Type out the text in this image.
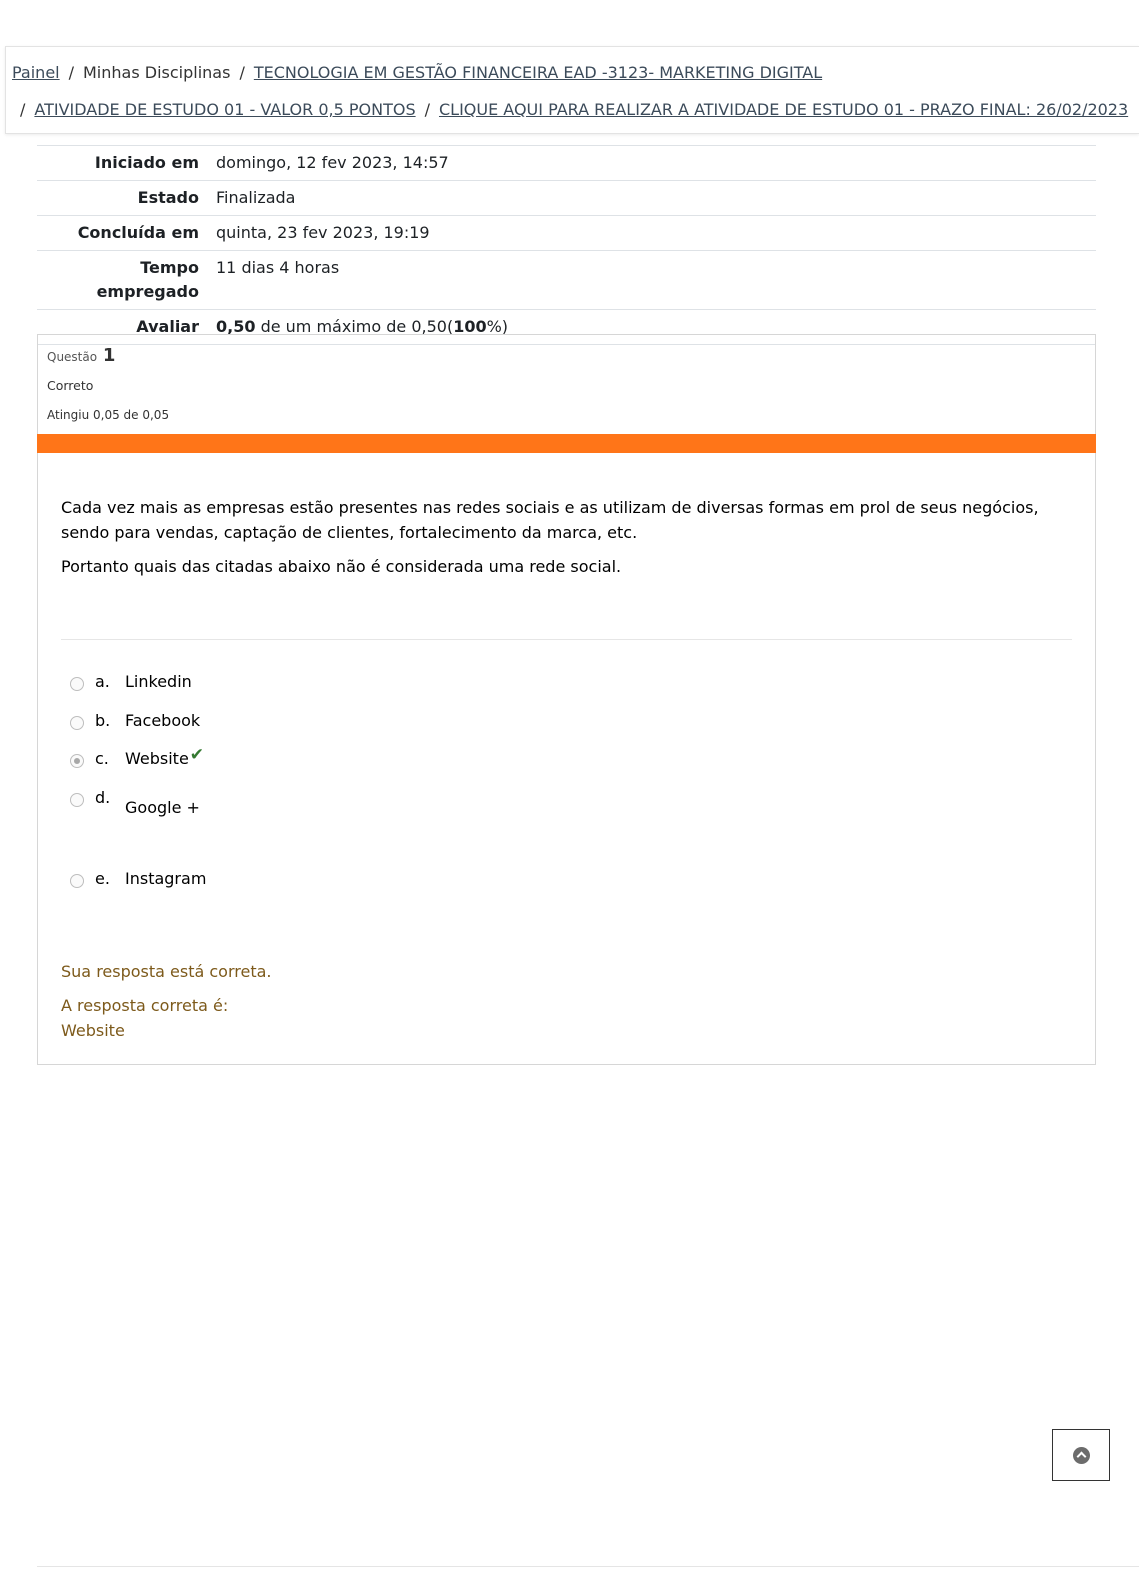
Painel / Minhas Disciplinas / TECNOLOGIA EM GESTÃO FINANCEIRA EAD -3123- MARKETING DIGITAL
/ ATIVIDADE DE ESTUDO 01 - VALOR 0,5 PONTOS / CLIQUE AQUI PARA REALIZAR A ATIVIDADE DE ESTUDO 01 - PRAZO FINAL: 26/02/2023
Iniciado em	domingo, 12 fev 2023, 14:57
Estado	Finalizada
Concluída em	quinta, 23 fev 2023, 19:19
Tempo empregado	11 dias 4 horas
Avaliar	0,50 de um máximo de 0,50(100%)
Questão 1
Correto
Atingiu 0,05 de 0,05

Cada vez mais as empresas estão presentes nas redes sociais e as utilizam de diversas formas em prol de seus negócios, sendo para vendas, captação de clientes, fortalecimento da marca, etc.

Portanto quais das citadas abaixo não é considerada uma rede social.

a. Linkedin
b. Facebook
c.	Website✔
d.
Google +
e. Instagram
Sua resposta está correta.
A resposta correta é:
Website
